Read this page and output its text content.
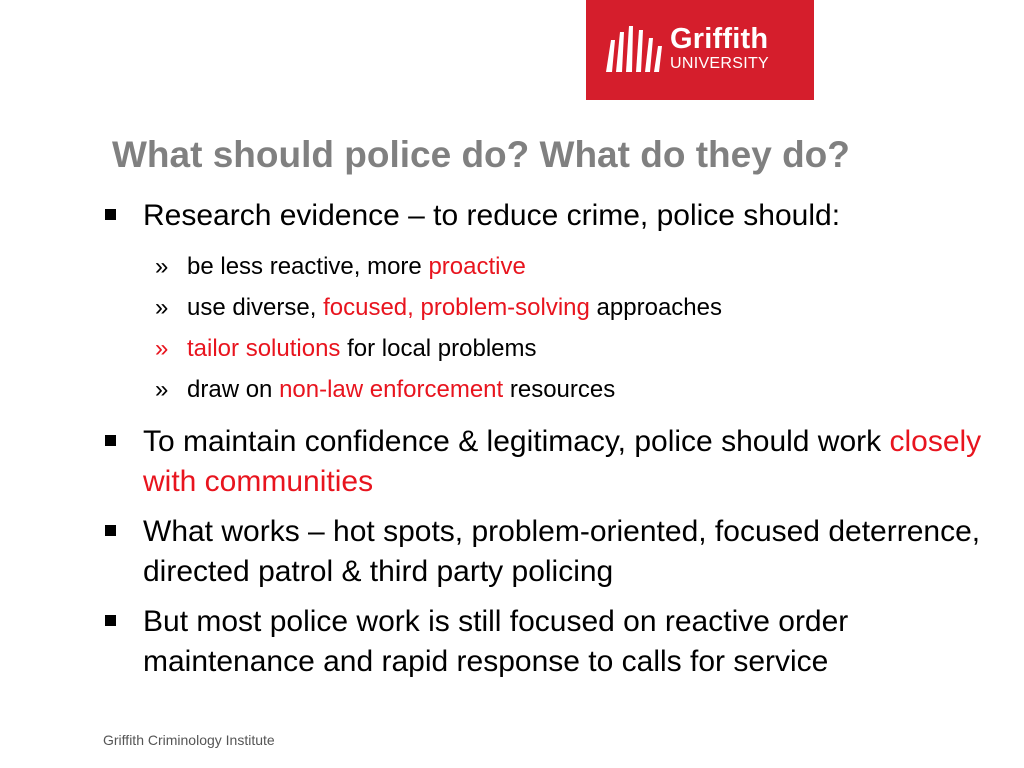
Griffith
UNIVERSITY
What should police do? What do they do?
Research evidence – to reduce crime, police should:
» be less reactive, more proactive
» use diverse, focused, problem-solving approaches
» tailor solutions for local problems
» draw on non-law enforcement resources
To maintain confidence & legitimacy, police should work closely with communities
What works – hot spots, problem-oriented, focused deterrence, directed patrol & third party policing
But most police work is still focused on reactive order maintenance and rapid response to calls for service
Griffith Criminology Institute
